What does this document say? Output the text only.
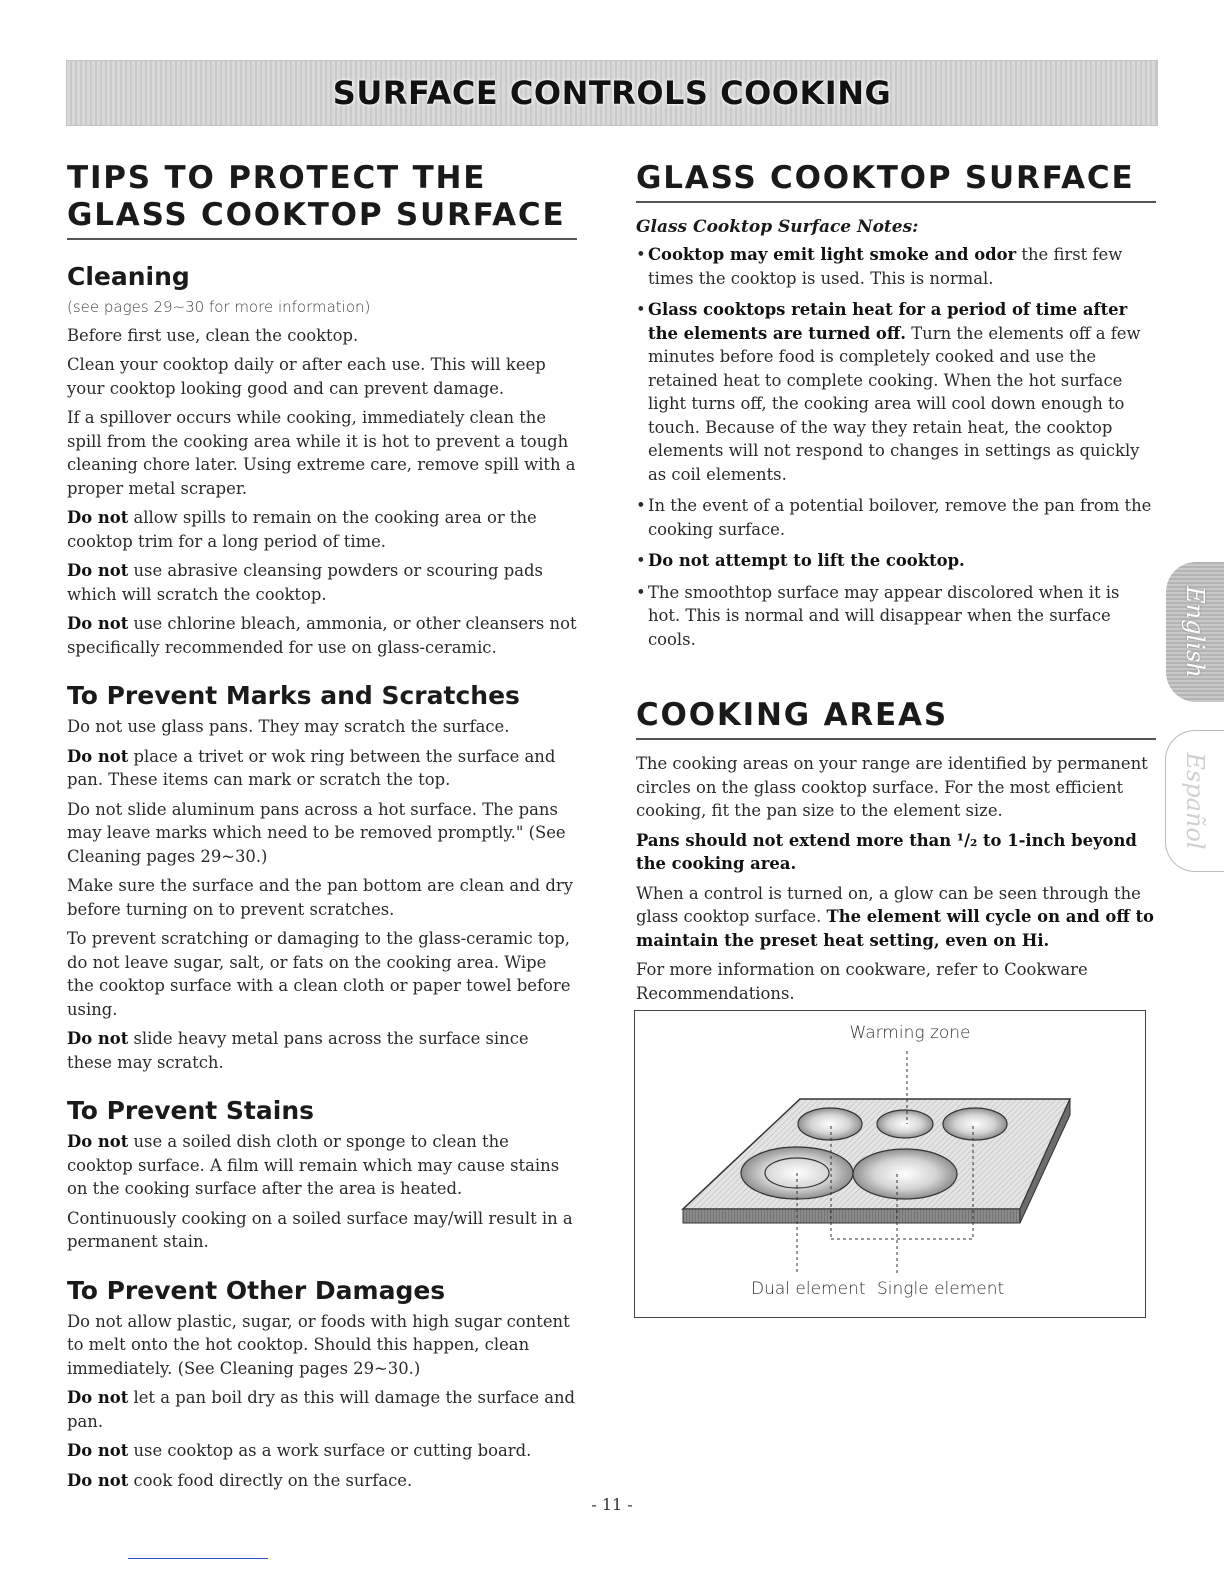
SURFACE CONTROLS COOKING
TIPS TO PROTECT THE GLASS COOKTOP SURFACE
Cleaning

(see pages 29~30 for more information)

Before first use, clean the cooktop.

Clean your cooktop daily or after each use. This will keep your cooktop looking good and can prevent damage.

If a spillover occurs while cooking, immediately clean the spill from the cooking area while it is hot to prevent a tough cleaning chore later. Using extreme care, remove spill with a proper metal scraper.

Do not allow spills to remain on the cooking area or the cooktop trim for a long period of time.

Do not use abrasive cleansing powders or scouring pads which will scratch the cooktop.

Do not use chlorine bleach, ammonia, or other cleansers not specifically recommended for use on glass-ceramic.

To Prevent Marks and Scratches

Do not use glass pans. They may scratch the surface.

Do not place a trivet or wok ring between the surface and pan. These items can mark or scratch the top.

Do not slide aluminum pans across a hot surface. The pans may leave marks which need to be removed promptly." (See Cleaning pages 29~30.)

Make sure the surface and the pan bottom are clean and dry before turning on to prevent scratches.

To prevent scratching or damaging to the glass-ceramic top, do not leave sugar, salt, or fats on the cooking area. Wipe the cooktop surface with a clean cloth or paper towel before using.

Do not slide heavy metal pans across the surface since these may scratch.

To Prevent Stains

Do not use a soiled dish cloth or sponge to clean the cooktop surface. A film will remain which may cause stains on the cooking surface after the area is heated.

Continuously cooking on a soiled surface may/will result in a permanent stain.

To Prevent Other Damages

Do not allow plastic, sugar, or foods with high sugar content to melt onto the hot cooktop. Should this happen, clean immediately. (See Cleaning pages 29~30.)

Do not let a pan boil dry as this will damage the surface and pan.

Do not use cooktop as a work surface or cutting board.

Do not cook food directly on the surface.

GLASS COOKTOP SURFACE
Glass Cooktop Surface Notes:
• Cooktop may emit light smoke and odor the first few times the cooktop is used. This is normal.
• Glass cooktops retain heat for a period of time after the elements are turned off. Turn the elements off a few minutes before food is completely cooked and use the retained heat to complete cooking. When the hot surface light turns off, the cooking area will cool down enough to touch. Because of the way they retain heat, the cooktop elements will not respond to changes in settings as quickly as coil elements.
• In the event of a potential boilover, remove the pan from the cooking surface.
• Do not attempt to lift the cooktop.
• The smoothtop surface may appear discolored when it is hot. This is normal and will disappear when the surface cools.
COOKING AREAS

The cooking areas on your range are identified by permanent circles on the glass cooktop surface. For the most efficient cooking, fit the pan size to the element size.

Pans should not extend more than ¹/₂ to 1-inch beyond the cooking area.

When a control is turned on, a glow can be seen through the glass cooktop surface. The element will cycle on and off to maintain the preset heat setting, even on Hi.

For more information on cookware, refer to Cookware Recommendations.

Warming zone
Dual element Single element
English
Español
- 11 -
